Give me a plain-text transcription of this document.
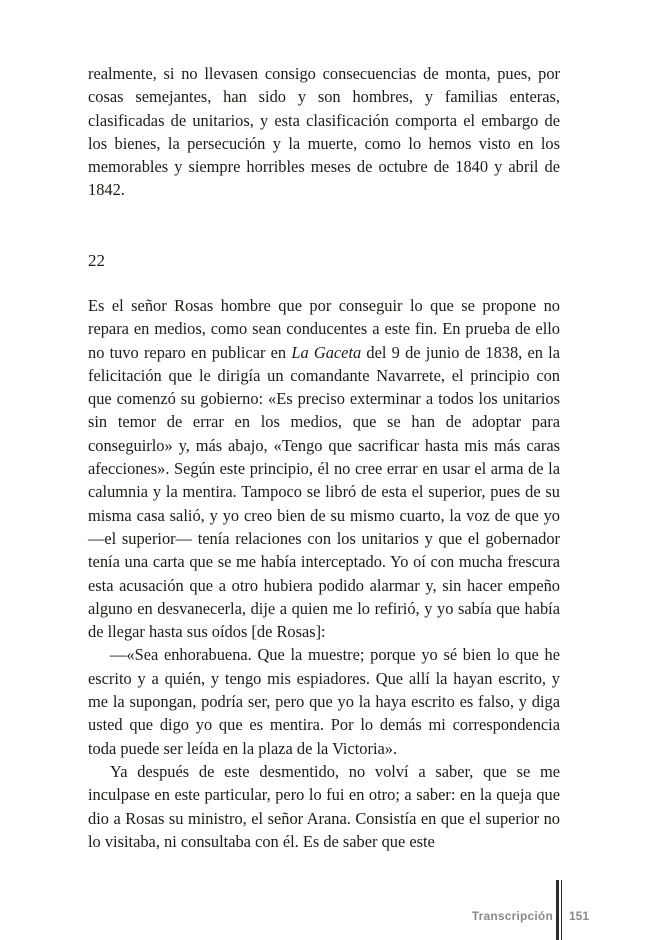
realmente, si no llevasen consigo consecuencias de monta, pues, por cosas semejantes, han sido y son hombres, y familias enteras, clasificadas de unitarios, y esta clasificación comporta el embargo de los bienes, la persecución y la muerte, como lo hemos visto en los memorables y siempre horribles meses de octubre de 1840 y abril de 1842.

22

Es el señor Rosas hombre que por conseguir lo que se propone no repara en medios, como sean conducentes a este fin. En prueba de ello no tuvo reparo en publicar en La Gaceta del 9 de junio de 1838, en la felicitación que le dirigía un comandante Navarrete, el principio con que comenzó su gobierno: «Es preciso exterminar a todos los unitarios sin temor de errar en los medios, que se han de adoptar para conseguirlo» y, más abajo, «Tengo que sacrificar hasta mis más caras afecciones». Según este principio, él no cree errar en usar el arma de la calumnia y la mentira. Tampoco se libró de esta el superior, pues de su misma casa salió, y yo creo bien de su mismo cuarto, la voz de que yo —el superior— tenía relaciones con los unitarios y que el gobernador tenía una carta que se me había interceptado. Yo oí con mucha frescura esta acusación que a otro hubiera podido alarmar y, sin hacer empeño alguno en desvanecerla, dije a quien me lo refirió, y yo sabía que había de llegar hasta sus oídos [de Rosas]:

—«Sea enhorabuena. Que la muestre; porque yo sé bien lo que he escrito y a quién, y tengo mis espiadores. Que allí la hayan escrito, y me la supongan, podría ser, pero que yo la haya escrito es falso, y diga usted que digo yo que es mentira. Por lo demás mi correspondencia toda puede ser leída en la plaza de la Victoria».

Ya después de este desmentido, no volví a saber, que se me inculpase en este particular, pero lo fui en otro; a saber: en la queja que dio a Rosas su ministro, el señor Arana. Consistía en que el superior no lo visitaba, ni consultaba con él. Es de saber que este

Transcripción 151
